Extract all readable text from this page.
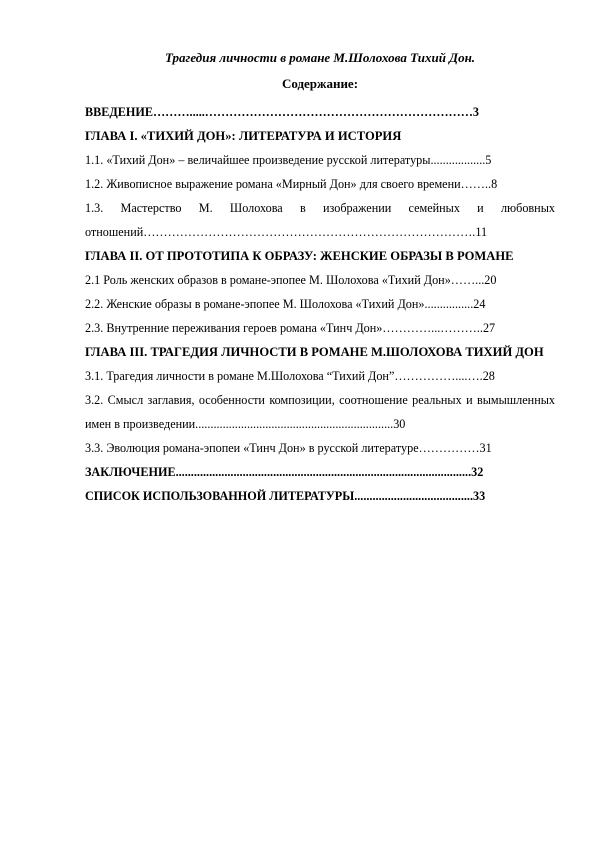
Трагедия личности в романе М.Шолохова Тихий Дон.

Содержание:

ВВЕДЕНИЕ……….....…………………………………………………………3
ГЛАВА I. «ТИХИЙ ДОН»: ЛИТЕРАТУРА И ИСТОРИЯ
1.1. «Тихий Дон» – величайшее произведение русской литературы..................5
1.2. Живописное выражение романа «Мирный Дон» для своего времени……..8
1.3. Мастерство М. Шолохова в изображении семейных и любовных отношений……………………………………………………………………….11
ГЛАВА II. ОТ ПРОТОТИПА К ОБРАЗУ: ЖЕНСКИЕ ОБРАЗЫ В РОМАНЕ
2.1 Роль женских образов в романе-эпопее М. Шолохова «Тихий Дон»……...20
2.2. Женские образы в романе-эпопее М. Шолохова «Тихий Дон»................24
2.3. Внутренние переживания героев романа «Тинч Дон»…………...………..27
ГЛАВА III. ТРАГЕДИЯ ЛИЧНОСТИ В РОМАНЕ М.ШОЛОХОВА ТИХИЙ ДОН
3.1. Трагедия личности в романе М.Шолохова “Тихий Дон”……………....….28
3.2. Смысл заглавия, особенности композиции, соотношение реальных и вымышленных имен в произведении.................................................................30
3.3. Эволюция романа-эпопеи «Тинч Дон» в русской литературе……………31
ЗАКЛЮЧЕНИЕ.................................................................................................32
СПИСОК ИСПОЛЬЗОВАННОЙ ЛИТЕРАТУРЫ.......................................33
